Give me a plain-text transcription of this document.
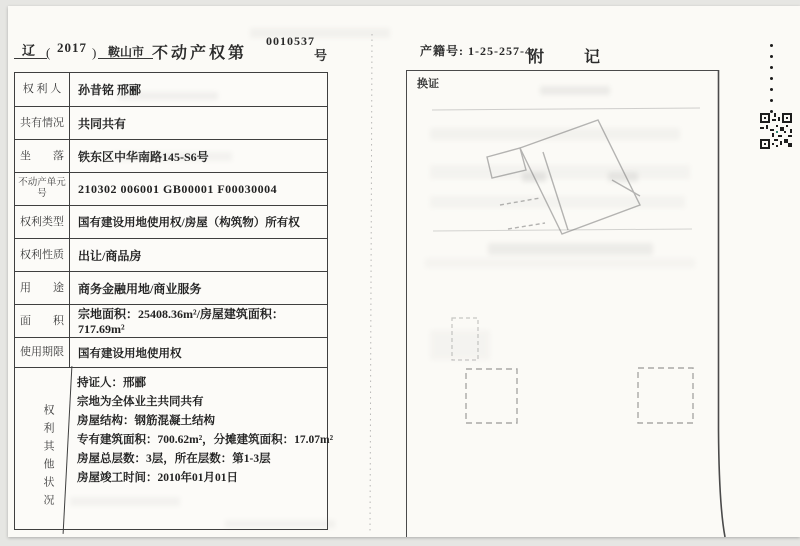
辽 ( 2017 ) 鞍山市 不动产权第
0010537
号	产籍号: 1-25-257-4
附　记
权 利 人	孙昔铭 邢郦
共有情况	共同共有
坐　　落	铁东区中华南路145-S6号
不动产单元号	210302 006001 GB00001 F00030004
权利类型	国有建设用地使用权/房屋（构筑物）所有权
权利性质	出让/商品房
用　　途	商务金融用地/商业服务
面　　积	宗地面积：25408.36m²/房屋建筑面积：717.69m²
使用期限	国有建设用地使用权
权利其他状况
持证人：邢郦
宗地为全体业主共同共有
房屋结构：钢筋混凝土结构
专有建筑面积：700.62m²，分摊建筑面积：17.07m²
房屋总层数：3层，所在层数：第1-3层
房屋竣工时间：2010年01月01日
换证
